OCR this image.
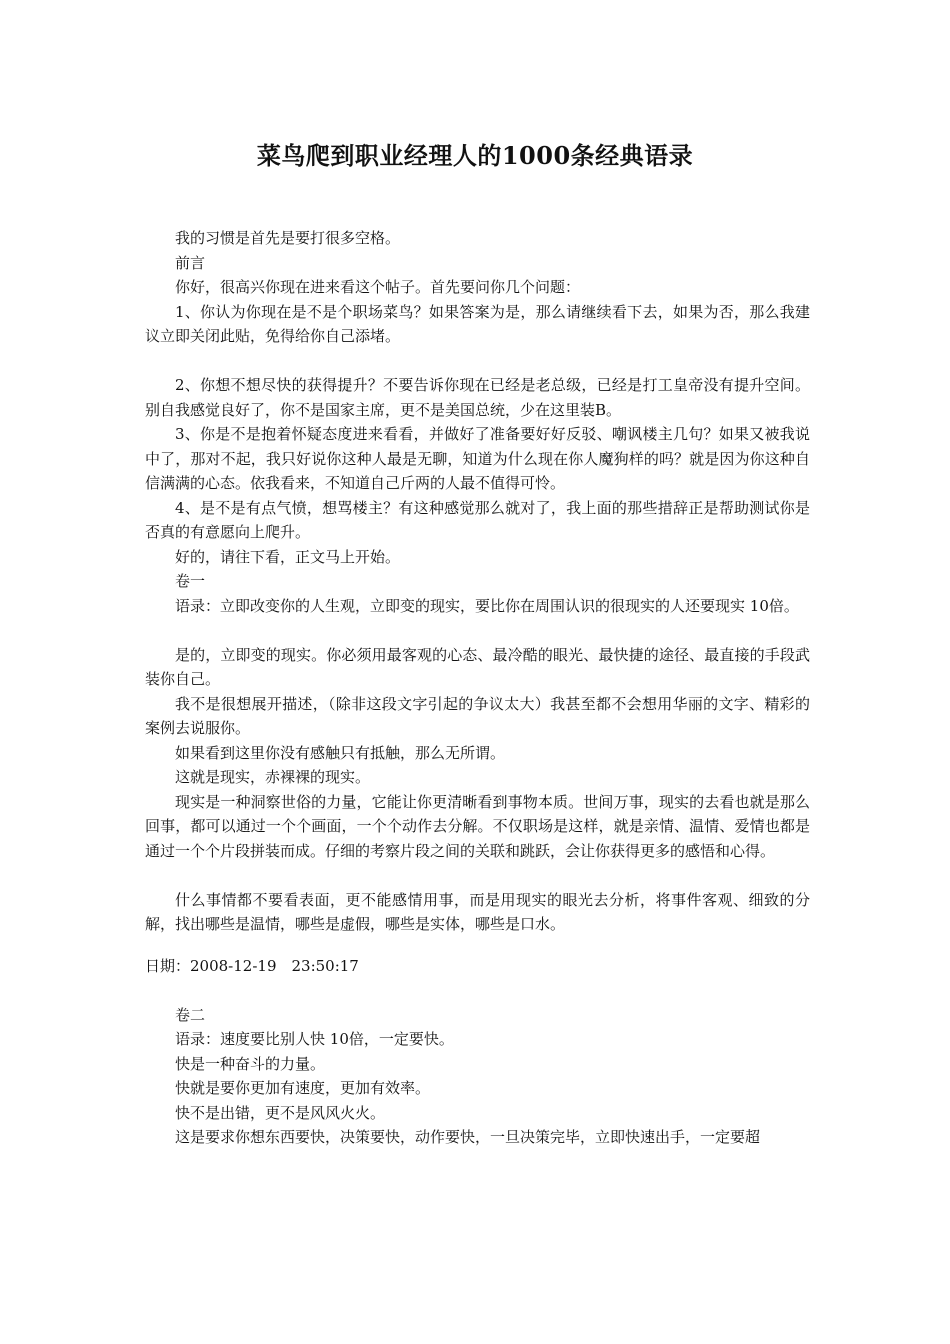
菜鸟爬到职业经理人的1000条经典语录

我的习惯是首先是要打很多空格。

前言

你好，很高兴你现在进来看这个帖子。首先要问你几个问题：

1、你认为你现在是不是个职场菜鸟？如果答案为是，那么请继续看下去，如果为否，那么我建议立即关闭此贴，免得给你自己添堵。

2、你想不想尽快的获得提升？不要告诉你现在已经是老总级，已经是打工皇帝没有提升空间。别自我感觉良好了，你不是国家主席，更不是美国总统，少在这里装B。

3、你是不是抱着怀疑态度进来看看，并做好了准备要好好反驳、嘲讽楼主几句？如果又被我说中了，那对不起，我只好说你这种人最是无聊，知道为什么现在你人魔狗样的吗？就是因为你这种自信满满的心态。依我看来，不知道自己斤两的人最不值得可怜。

4、是不是有点气愤，想骂楼主？有这种感觉那么就对了，我上面的那些措辞正是帮助测试你是否真的有意愿向上爬升。

好的，请往下看，正文马上开始。

卷一

语录：立即改变你的人生观，立即变的现实，要比你在周围认识的很现实的人还要现实 10倍。

是的，立即变的现实。你必须用最客观的心态、最冷酷的眼光、最快捷的途径、最直接的手段武装你自己。

我不是很想展开描述，（除非这段文字引起的争议太大）我甚至都不会想用华丽的文字、精彩的案例去说服你。

如果看到这里你没有感触只有抵触，那么无所谓。

这就是现实，赤裸裸的现实。

现实是一种洞察世俗的力量，它能让你更清晰看到事物本质。世间万事，现实的去看也就是那么回事，都可以通过一个个画面，一个个动作去分解。不仅职场是这样，就是亲情、温情、爱情也都是通过一个个片段拼装而成。仔细的考察片段之间的关联和跳跃，会让你获得更多的感悟和心得。

什么事情都不要看表面，更不能感情用事，而是用现实的眼光去分析，将事件客观、细致的分解，找出哪些是温情，哪些是虚假，哪些是实体，哪些是口水。

日期：2008-12-19　23:50:17

卷二

语录：速度要比别人快 10倍，一定要快。

快是一种奋斗的力量。

快就是要你更加有速度，更加有效率。

快不是出错，更不是风风火火。

这是要求你想东西要快，决策要快，动作要快，一旦决策完毕，立即快速出手，一定要超
